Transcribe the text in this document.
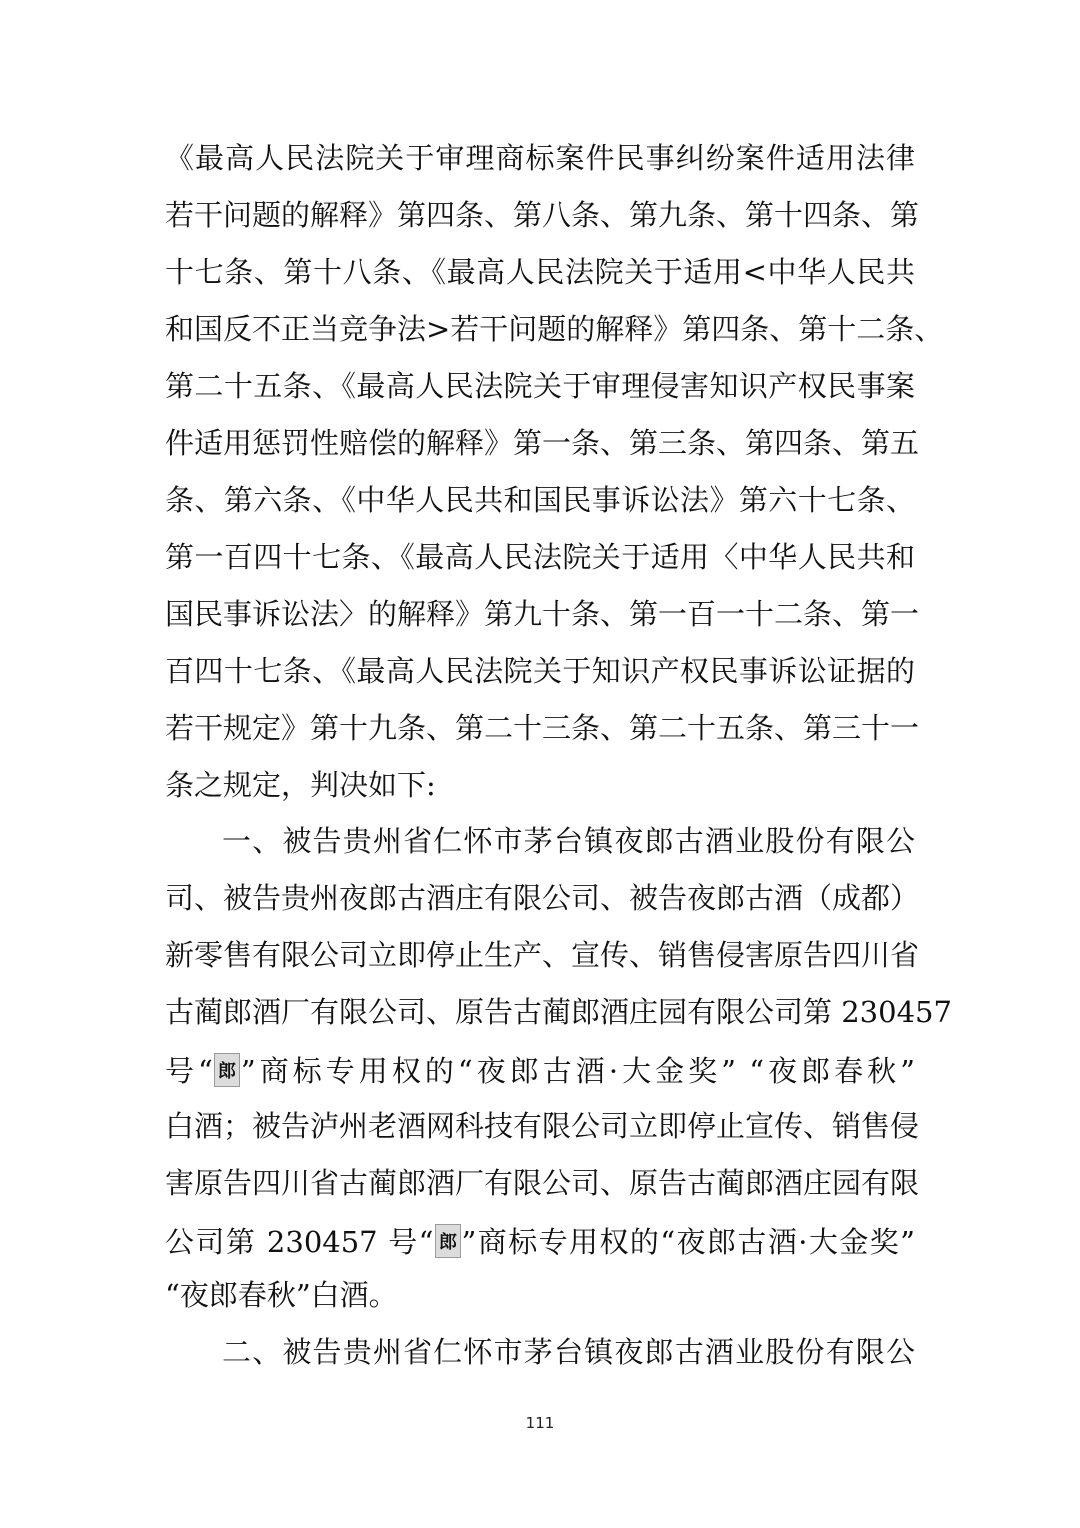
《最高人民法院关于审理商标案件民事纠纷案件适用法律
若干问题的解释》第四条、第八条、第九条、第十四条、第
十七条、第十八条、《最高人民法院关于适用<中华人民共
和国反不正当竞争法>若干问题的解释》第四条、第十二条、
第二十五条、《最高人民法院关于审理侵害知识产权民事案
件适用惩罚性赔偿的解释》第一条、第三条、第四条、第五
条、第六条、《中华人民共和国民事诉讼法》第六十七条、
第一百四十七条、《最高人民法院关于适用〈中华人民共和
国民事诉讼法〉的解释》第九十条、第一百一十二条、第一
百四十七条、《最高人民法院关于知识产权民事诉讼证据的
若干规定》第十九条、第二十三条、第二十五条、第三十一
条之规定，判决如下:
一、被告贵州省仁怀市茅台镇夜郎古酒业股份有限公
司、被告贵州夜郎古酒庄有限公司、被告夜郎古酒（成都）
新零售有限公司立即停止生产、宣传、销售侵害原告四川省
古蔺郎酒厂有限公司、原告古蔺郎酒庄园有限公司第 230457
号“ 郎 ”商标专用权的“夜郎古酒·大金奖” “夜郎春秋”
白酒；被告泸州老酒网科技有限公司立即停止宣传、销售侵
害原告四川省古蔺郎酒厂有限公司、原告古蔺郎酒庄园有限
公司第 230457 号“ 郎 ”商标专用权的“夜郎古酒·大金奖”
“夜郎春秋”白酒。
二、被告贵州省仁怀市茅台镇夜郎古酒业股份有限公
111
